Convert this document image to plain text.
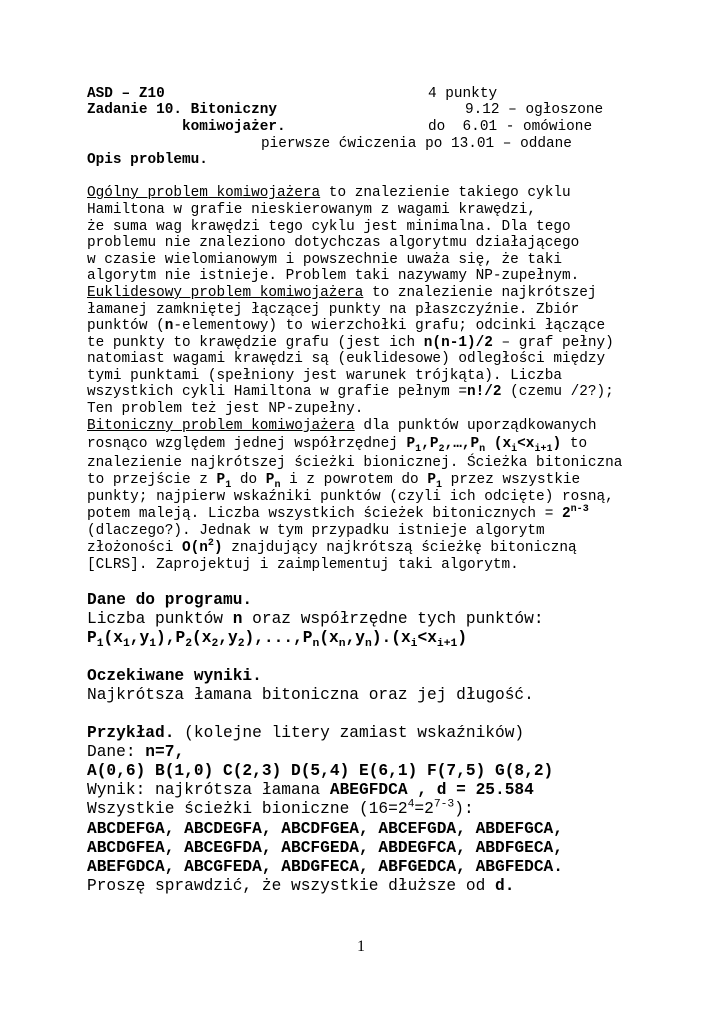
ASD – Z10
Zadanie 10. Bitoniczny
komiwojażer.
Opis problemu.
4 punkty
9.12 – ogłoszone
do  6.01 - omówione
pierwsze ćwiczenia po 13.01 – oddane
Ogólny problem komiwojażera to znalezienie takiego cyklu
Hamiltona w grafie nieskierowanym z wagami krawędzi,
że suma wag krawędzi tego cyklu jest minimalna. Dla tego
problemu nie znaleziono dotychczas algorytmu działającego
w czasie wielomianowym i powszechnie uważa się, że taki
algorytm nie istnieje. Problem taki nazywamy NP-zupełnym.
Euklidesowy problem komiwojażera to znalezienie najkrótszej
łamanej zamkniętej łączącej punkty na płaszczyźnie. Zbiór
punktów (n-elementowy) to wierzchołki grafu; odcinki łączące
te punkty to krawędzie grafu (jest ich n(n-1)/2 – graf pełny)
natomiast wagami krawędzi są (euklidesowe) odległości między
tymi punktami (spełniony jest warunek trójkąta). Liczba
wszystkich cykli Hamiltona w grafie pełnym =n!/2 (czemu /2?);
Ten problem też jest NP-zupełny.
Bitoniczny problem komiwojażera dla punktów uporządkowanych
rosnąco względem jednej współrzędnej $P_1,P_2,\dots,P_n$ $(x_i<x_{i+1})$ to
znalezienie najkrótszej ścieżki bionicznej. Ścieżka bitoniczna
to przejście z $P_1$ do $P_n$ i z powrotem do $P_1$ przez wszystkie
punkty; najpierw wskaźniki punktów (czyli ich odcięte) rosną,
potem maleją. Liczba wszystkich ścieżek bitonicznych = $2^{n-3}$
(dlaczego?). Jednak w tym przypadku istnieje algorytm
złożoności $O(n^2)$ znajdujący najkrótszą ścieżkę bitoniczną
[CLRS]. Zaprojektuj i zaimplementuj taki algorytm.
Dane do programu.
Liczba punktów n oraz współrzędne tych punktów:
$P_1(x_1,y_1),P_2(x_2,y_2),...,P_n(x_n,y_n).(x_i<x_{i+1})$
Oczekiwane wyniki.
Najkrótsza łamana bitoniczna oraz jej długość.
Przykład. (kolejne litery zamiast wskaźników)
Dane: n=7,
A(0,6) B(1,0) C(2,3) D(5,4) E(6,1) F(7,5) G(8,2)
Wynik: najkrótsza łamana ABEGFDCA , d = 25.584
Wszystkie ścieżki bioniczne $(16=2^4=2^{7-3})$:
ABCDEFGA, ABCDEGFA, ABCDFGEA, ABCEFGDA, ABDEFGCA,
ABCDGFEA, ABCEGFDA, ABCFGEDA, ABDEGFCA, ABDFGECA,
ABEFGDCA, ABCGFEDA, ABDGFECA, ABFGEDCA, ABGFEDCA.
Proszę sprawdzić, że wszystkie dłuższe od d.
1
